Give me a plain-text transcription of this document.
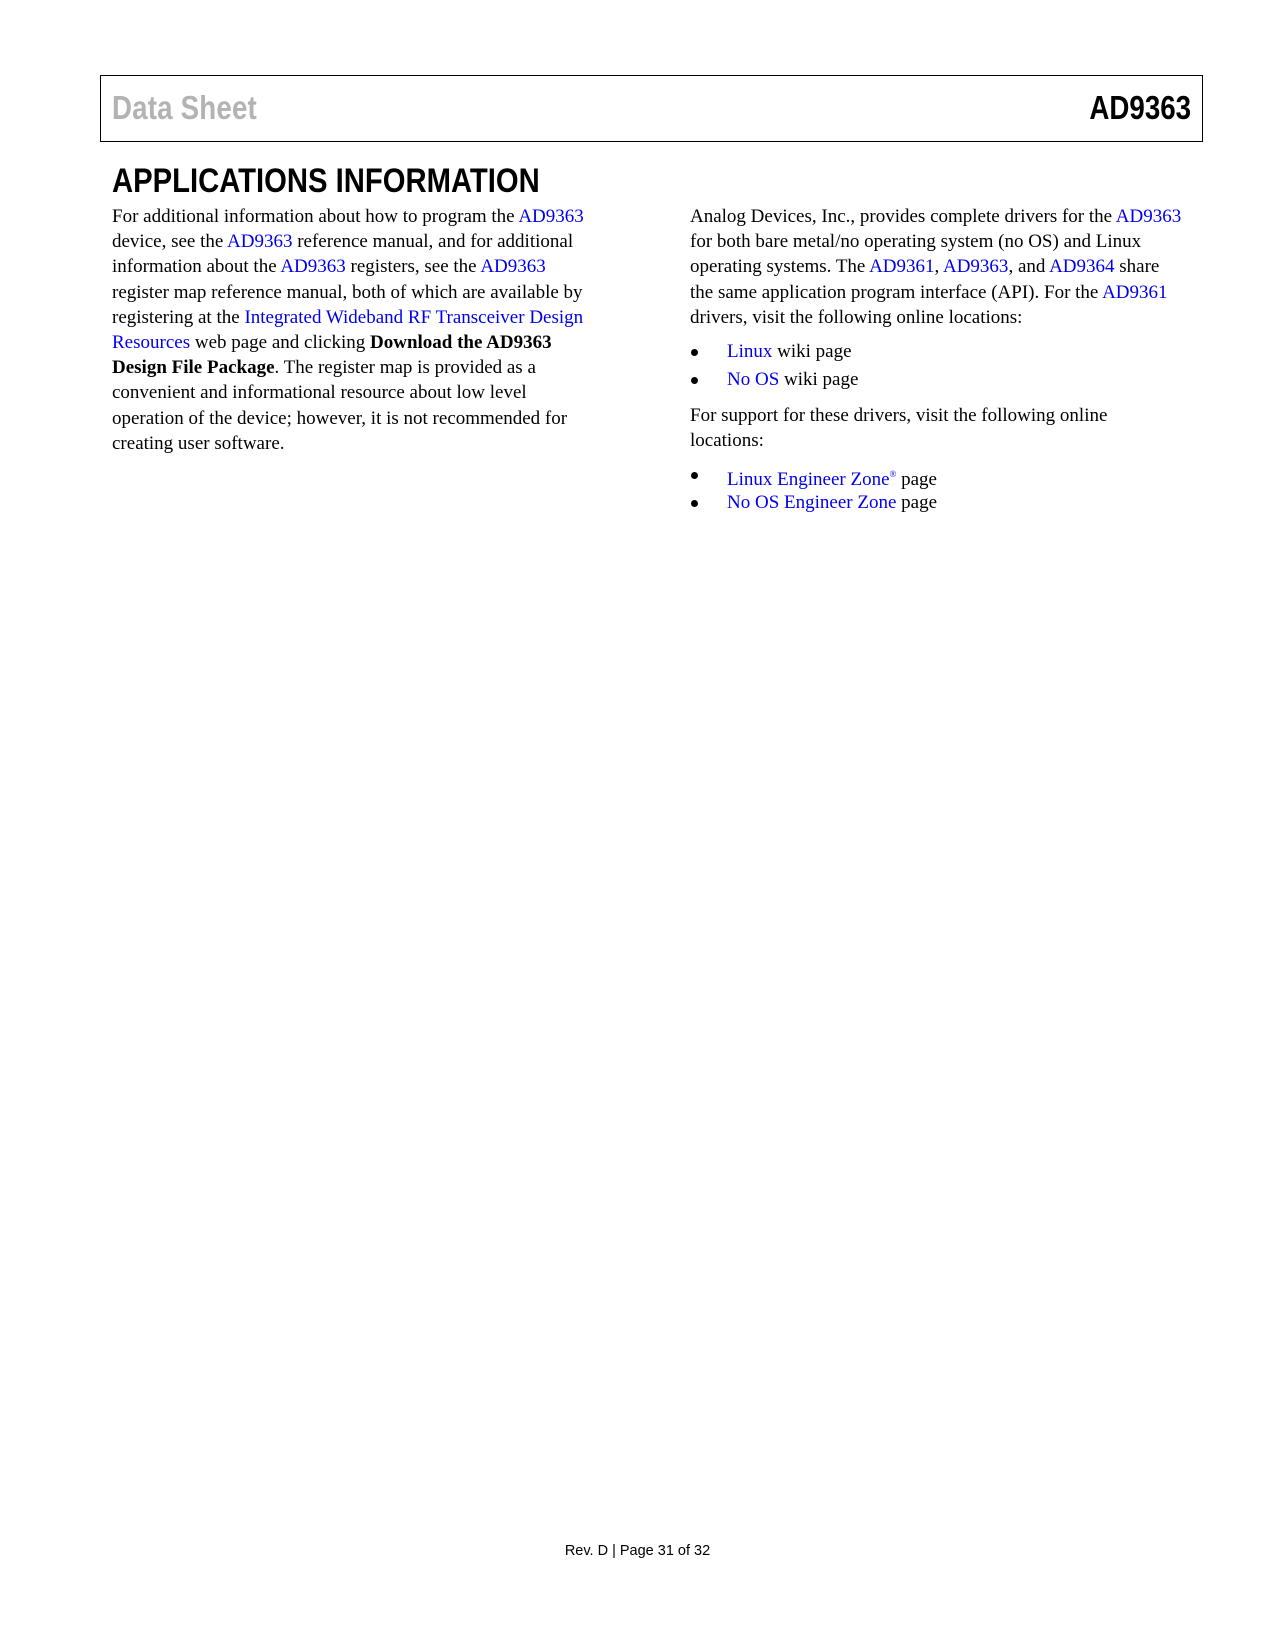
Data Sheet	AD9363
APPLICATIONS INFORMATION

For additional information about how to program the AD9363
device, see the AD9363 reference manual, and for additional
information about the AD9363 registers, see the AD9363
register map reference manual, both of which are available by
registering at the Integrated Wideband RF Transceiver Design
Resources web page and clicking Download the AD9363
Design File Package. The register map is provided as a
convenient and informational resource about low level
operation of the device; however, it is not recommended for
creating user software.

Analog Devices, Inc., provides complete drivers for the AD9363
for both bare metal/no operating system (no OS) and Linux
operating systems. The AD9361, AD9363, and AD9364 share
the same application program interface (API). For the AD9361
drivers, visit the following online locations:

Linux wiki page
No OS wiki page

For support for these drivers, visit the following online
locations:

Linux Engineer Zone® page
No OS Engineer Zone page
Rev. D | Page 31 of 32
